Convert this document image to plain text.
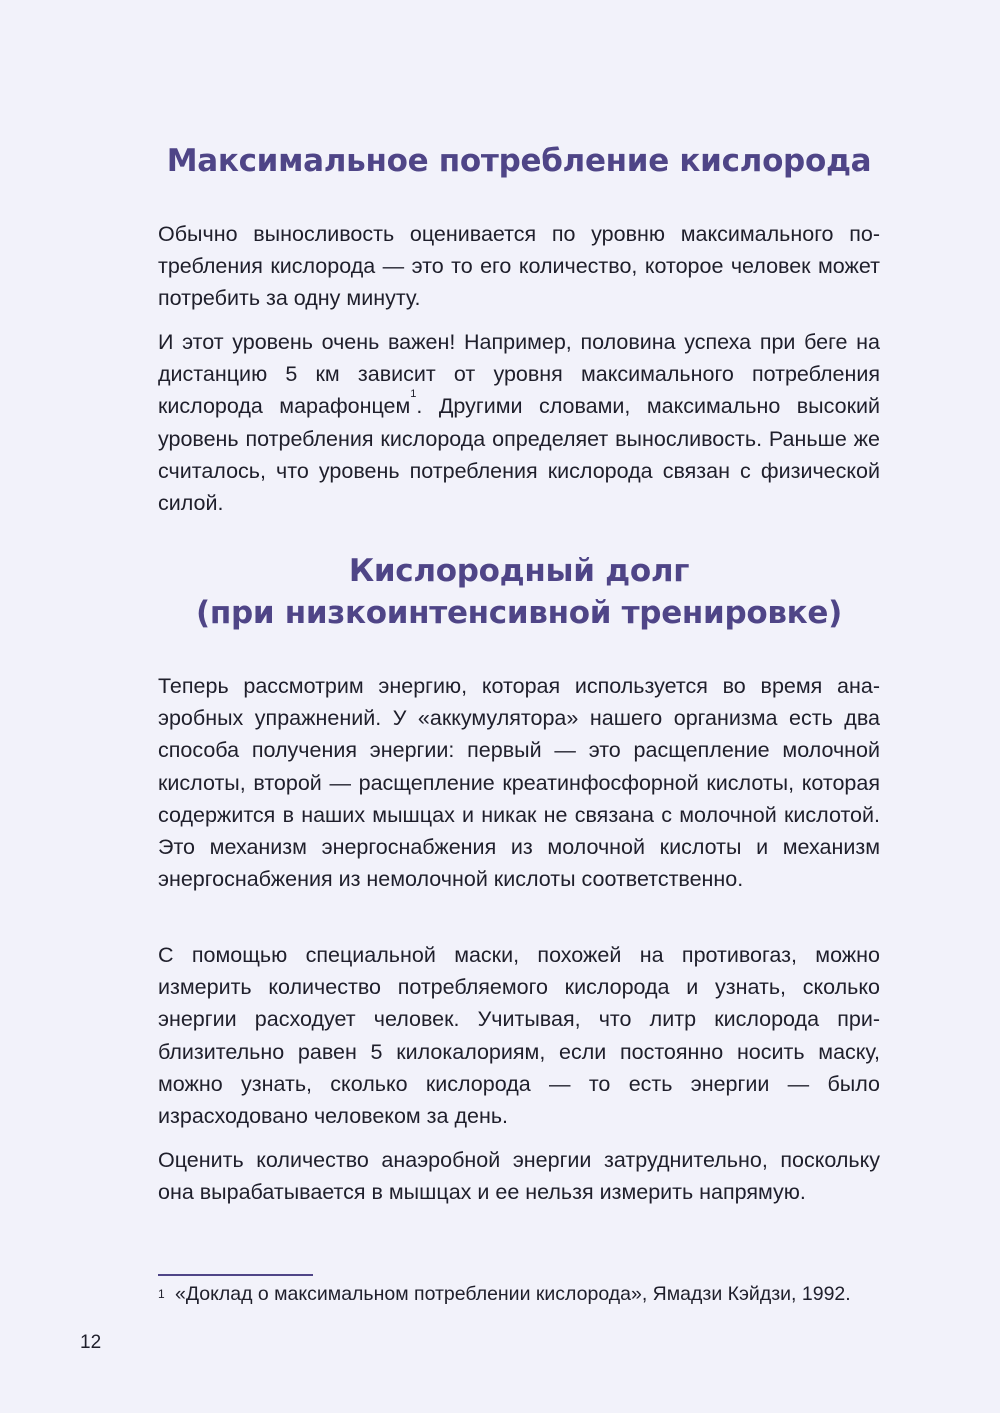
Максимальное потребление кислорода

Обычно выносливость оценивается по уровню максимального потребления кислорода — это то его количество, которое человек может потребить за одну минуту.

И этот уровень очень важен! Например, половина успеха при беге на дистанцию 5 км зависит от уровня максимального потребления кислорода марафонцем$^1$. Другими словами, максимально высокий уровень потребления кислорода определяет выносливость. Раньше же считалось, что уровень потребления кислорода связан с физической силой.

Кислородный долг
(при низкоинтенсивной тренировке)

Теперь рассмотрим энергию, которая используется во время анаэробных упражнений. У «аккумулятора» нашего организма есть два способа получения энергии: первый — это расщепление молочной кислоты, второй — расщепление креатинфосфорной кислоты, которая содержится в наших мышцах и никак не связана с молочной кислотой. Это механизм энергоснабжения из молочной кислоты и механизм энергоснабжения из немолочной кислоты соответственно.

С помощью специальной маски, похожей на противогаз, можно измерить количество потребляемого кислорода и узнать, сколько энергии расходует человек. Учитывая, что литр кислорода приблизительно равен 5 килокалориям, если постоянно носить маску, можно узнать, сколько кислорода — то есть энергии — было израсходовано человеком за день.

Оценить количество анаэробной энергии затруднительно, поскольку она вырабатывается в мышцах и ее нельзя измерить напрямую.

1 «Доклад о максимальном потреблении кислорода», Ямадзи Кэйдзи, 1992.
12
